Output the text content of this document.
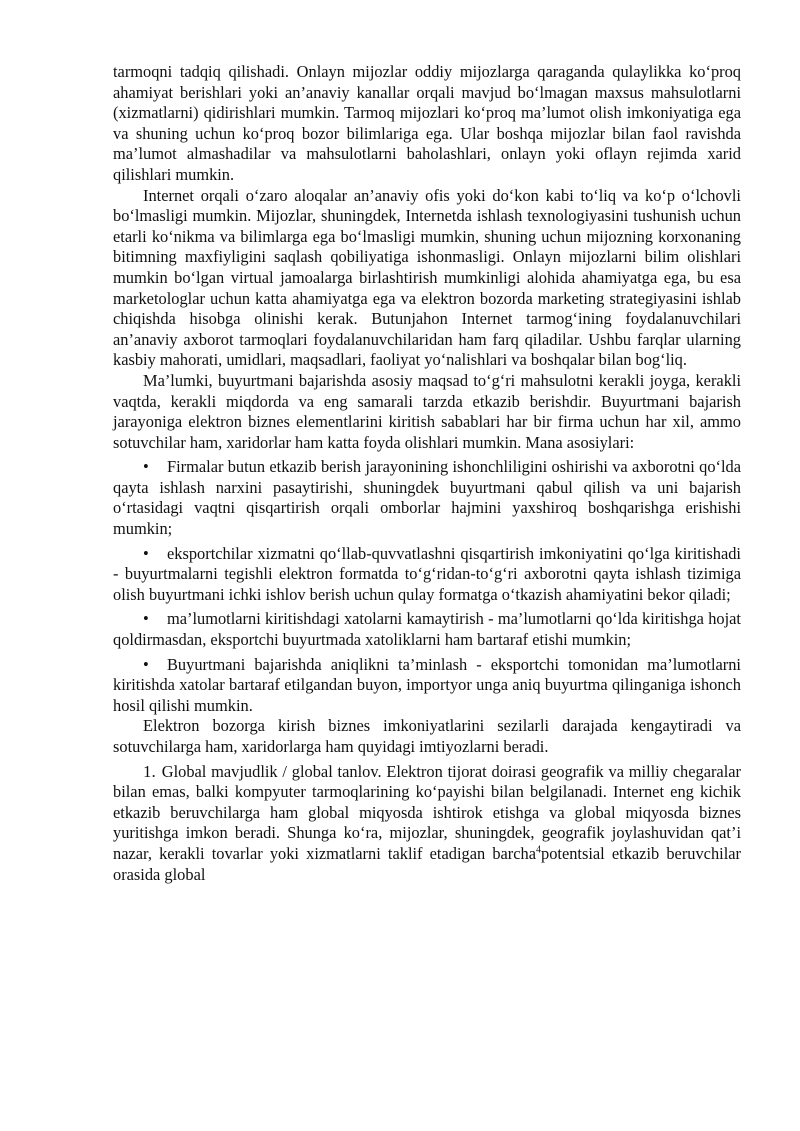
tarmoqni tadqiq qilishadi. Onlayn mijozlar oddiy mijozlarga qaraganda qulaylikka ko‘proq ahamiyat berishlari yoki an’anaviy kanallar orqali mavjud bo‘lmagan maxsus mahsulotlarni (xizmatlarni) qidirishlari mumkin. Tarmoq mijozlari ko‘proq ma’lumot olish imkoniyatiga ega va shuning uchun ko‘proq bozor bilimlariga ega. Ular boshqa mijozlar bilan faol ravishda ma’lumot almashadilar va mahsulotlarni baholashlari, onlayn yoki oflayn rejimda xarid qilishlari mumkin.

Internet orqali o‘zaro aloqalar an’anaviy ofis yoki do‘kon kabi to‘liq va ko‘p o‘lchovli bo‘lmasligi mumkin. Mijozlar, shuningdek, Internetda ishlash texnologiyasini tushunish uchun etarli ko‘nikma va bilimlarga ega bo‘lmasligi mumkin, shuning uchun mijozning korxonaning bitimning maxfiyligini saqlash qobiliyatiga ishonmasligi. Onlayn mijozlarni bilim olishlari mumkin bo‘lgan virtual jamoalarga birlashtirish mumkinligi alohida ahamiyatga ega, bu esa marketologlar uchun katta ahamiyatga ega va elektron bozorda marketing strategiyasini ishlab chiqishda hisobga olinishi kerak. Butunjahon Internet tarmog‘ining foydalanuvchilari an’anaviy axborot tarmoqlari foydalanuvchilaridan ham farq qiladilar. Ushbu farqlar ularning kasbiy mahorati, umidlari, maqsadlari, faoliyat yo‘nalishlari va boshqalar bilan bog‘liq.

Ma’lumki, buyurtmani bajarishda asosiy maqsad to‘g‘ri mahsulotni kerakli joyga, kerakli vaqtda, kerakli miqdorda va eng samarali tarzda etkazib berishdir. Buyurtmani bajarish jarayoniga elektron biznes elementlarini kiritish sabablari har bir firma uchun har xil, ammo sotuvchilar ham, xaridorlar ham katta foyda olishlari mumkin. Mana asosiylari:

• Firmalar butun etkazib berish jarayonining ishonchliligini oshirishi va axborotni qo‘lda qayta ishlash narxini pasaytirishi, shuningdek buyurtmani qabul qilish va uni bajarish o‘rtasidagi vaqtni qisqartirish orqali omborlar hajmini yaxshiroq boshqarishga erishishi mumkin;

• eksportchilar xizmatni qo‘llab-quvvatlashni qisqartirish imkoniyatini qo‘lga kiritishadi - buyurtmalarni tegishli elektron formatda to‘g‘ridan-to‘g‘ri axborotni qayta ishlash tizimiga olish buyurtmani ichki ishlov berish uchun qulay formatga o‘tkazish ahamiyatini bekor qiladi;

• ma’lumotlarni kiritishdagi xatolarni kamaytirish - ma’lumotlarni qo‘lda kiritishga hojat qoldirmasdan, eksportchi buyurtmada xatoliklarni ham bartaraf etishi mumkin;

• Buyurtmani bajarishda aniqlikni ta’minlash - eksportchi tomonidan ma’lumotlarni kiritishda xatolar bartaraf etilgandan buyon, importyor unga aniq buyurtma qilinganiga ishonch hosil qilishi mumkin.

Elektron bozorga kirish biznes imkoniyatlarini sezilarli darajada kengaytiradi va sotuvchilarga ham, xaridorlarga ham quyidagi imtiyozlarni beradi.

1. Global mavjudlik / global tanlov. Elektron tijorat doirasi geografik va milliy chegaralar bilan emas, balki kompyuter tarmoqlarining ko‘payishi bilan belgilanadi. Internet eng kichik etkazib beruvchilarga ham global miqyosda ishtirok etishga va global miqyosda biznes yuritishga imkon beradi. Shunga ko‘ra, mijozlar, shuningdek, geografik joylashuvidan qat’i nazar, kerakli tovarlar yoki xizmatlarni taklif etadigan barcha$^4$potentsial etkazib beruvchilar orasida global
